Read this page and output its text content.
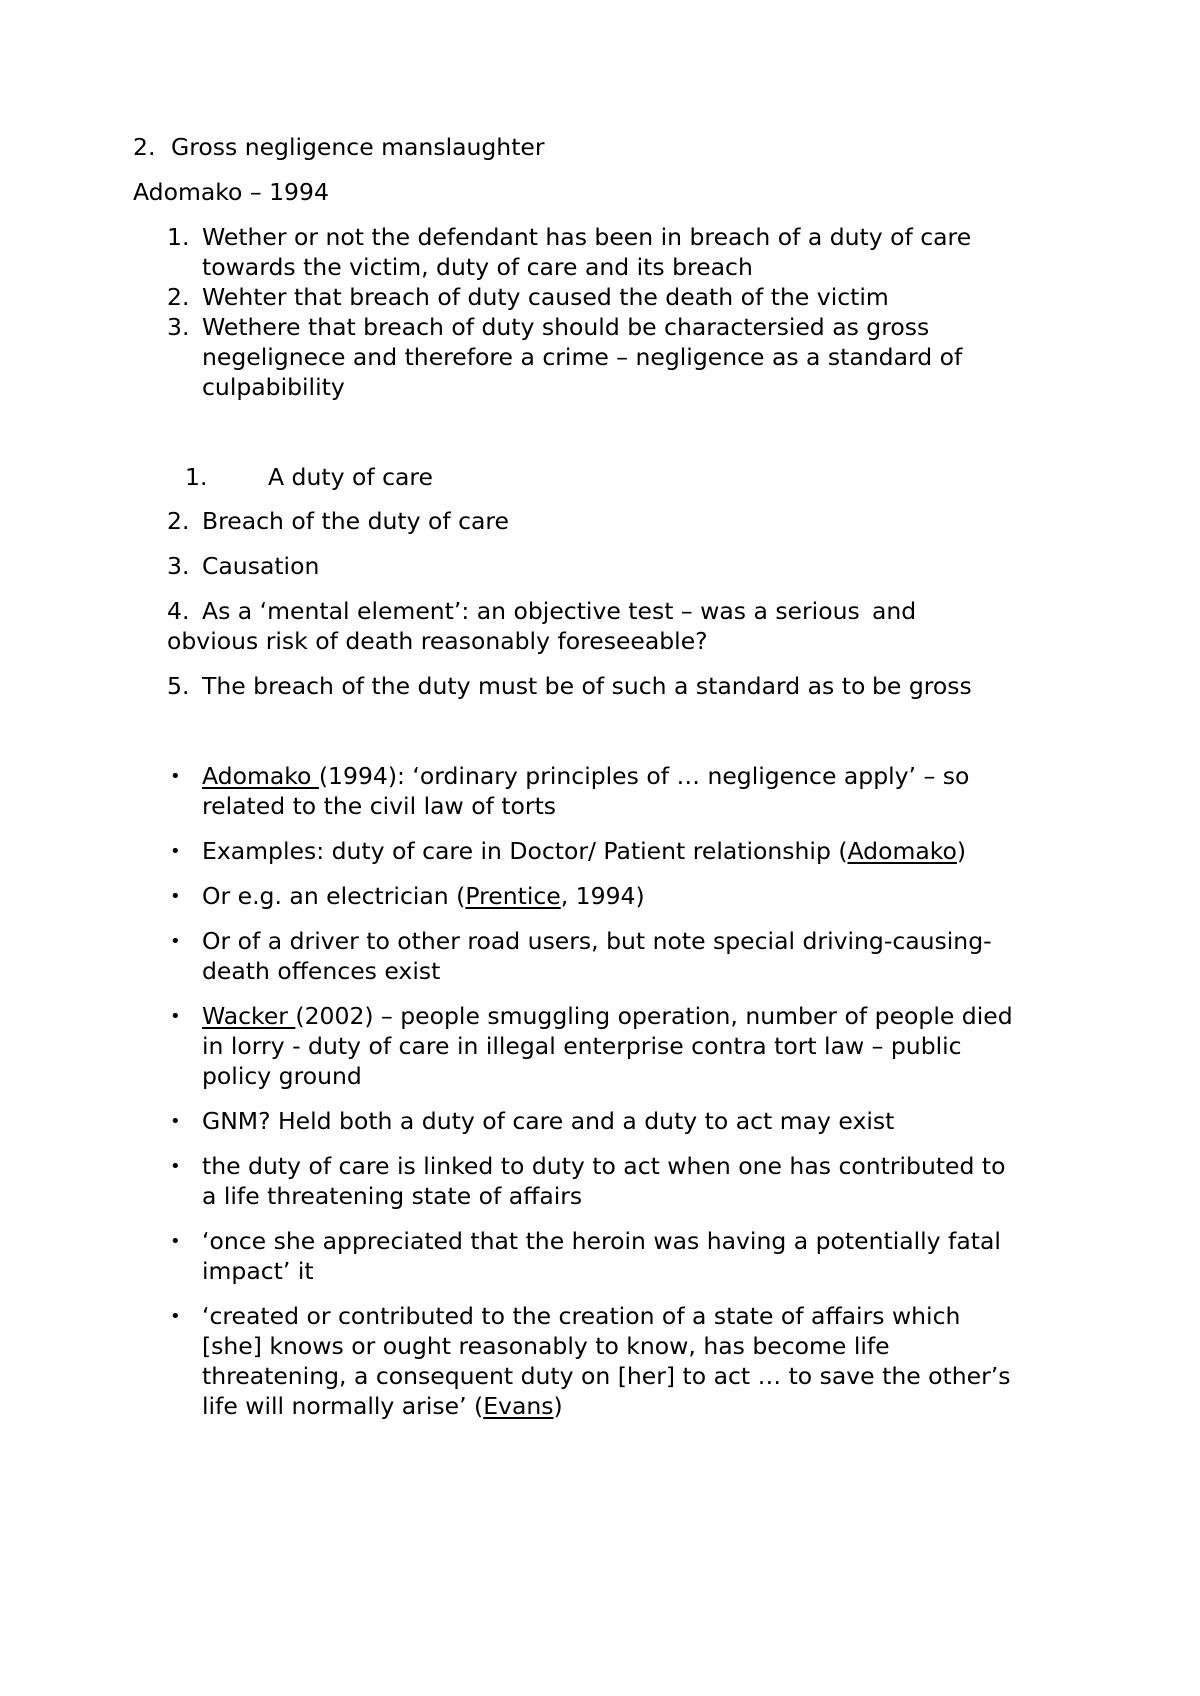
2. Gross negligence manslaughter
Adomako – 1994
1. Wether or not the defendant has been in breach of a duty of care
towards the victim, duty of care and its breach
2. Wehter that breach of duty caused the death of the victim
3. Wethere that breach of duty should be charactersied as gross
negelignece and therefore a crime – negligence as a standard of
culpabibility
1.	A duty of care
2. Breach of the duty of care
3. Causation
4. As a ‘mental element’: an objective test – was a serious and
obvious risk of death reasonably foreseeable?
5. The breach of the duty must be of such a standard as to be gross
• Adomako (1994): ‘ordinary principles of … negligence apply’ – so
related to the civil law of torts
• Examples: duty of care in Doctor/ Patient relationship (Adomako)
• Or e.g. an electrician (Prentice, 1994)
• Or of a driver to other road users, but note special driving-causing-
death offences exist
• Wacker (2002) – people smuggling operation, number of people died
in lorry - duty of care in illegal enterprise contra tort law – public
policy ground
• GNM? Held both a duty of care and a duty to act may exist
• the duty of care is linked to duty to act when one has contributed to
a life threatening state of affairs
• ‘once she appreciated that the heroin was having a potentially fatal
impact’ it
• ‘created or contributed to the creation of a state of affairs which
[she] knows or ought reasonably to know, has become life
threatening, a consequent duty on [her] to act … to save the other’s
life will normally arise’ (Evans)
